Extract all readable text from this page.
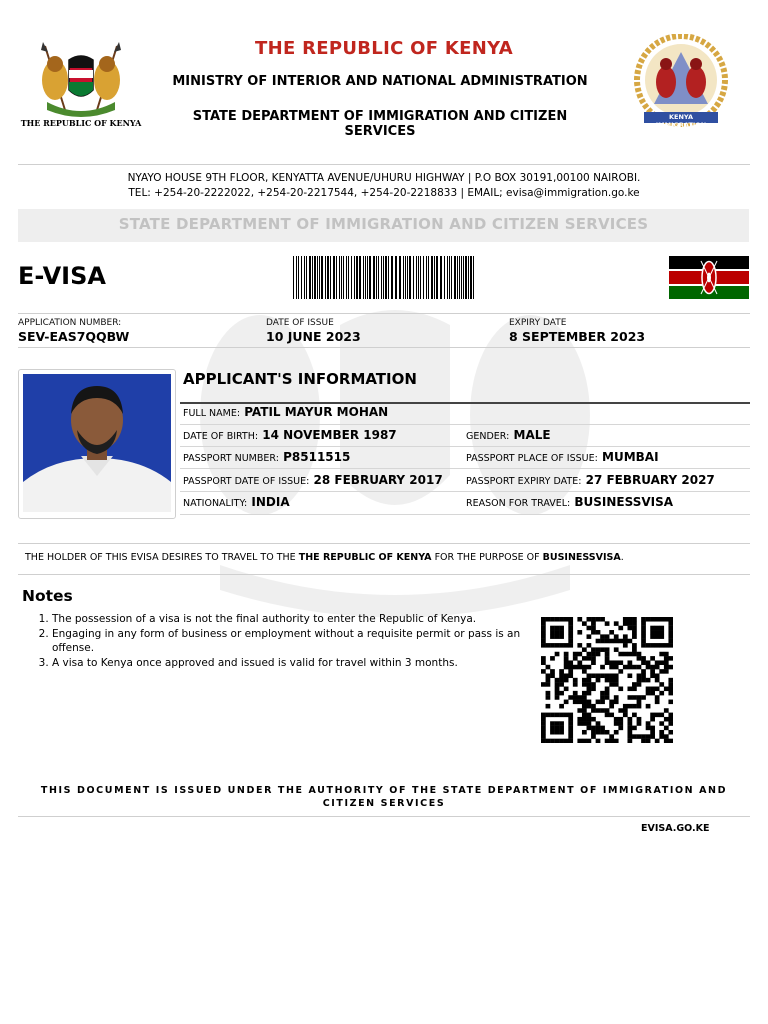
THE REPUBLIC OF KENYA
THE REPUBLIC OF KENYA
MINISTRY OF INTERIOR AND NATIONAL ADMINISTRATION
STATE DEPARTMENT OF IMMIGRATION AND CITIZEN SERVICES
KENYA IMMIGRATION
NYAYO HOUSE 9TH FLOOR, KENYATTA AVENUE/UHURU HIGHWAY | P.O BOX 30191,00100 NAIROBI.
TEL: +254-20-2222022, +254-20-2217544, +254-20-2218833 | EMAIL; evisa@immigration.go.ke
STATE DEPARTMENT OF IMMIGRATION AND CITIZEN SERVICES
E-VISA
APPLICATION NUMBER:
SEV-EAS7QQBW
DATE OF ISSUE
10 JUNE 2023
EXPIRY DATE
8 SEPTEMBER 2023
APPLICANT'S INFORMATION
FULL NAME: PATIL MAYUR MOHAN
DATE OF BIRTH: 14 NOVEMBER 1987	GENDER: MALE
PASSPORT NUMBER: P8511515	PASSPORT PLACE OF ISSUE: MUMBAI
PASSPORT DATE OF ISSUE: 28 FEBRUARY 2017 PASSPORT EXPIRY DATE: 27 FEBRUARY 2027
NATIONALITY: INDIA	REASON FOR TRAVEL: BUSINESSVISA
THE HOLDER OF THIS EVISA DESIRES TO TRAVEL TO THE THE REPUBLIC OF KENYA FOR THE PURPOSE OF BUSINESSVISA.
Notes
1. The possession of a visa is not the final authority to enter the Republic of Kenya.
2. Engaging in any form of business or employment without a requisite permit or pass is an offense.
3. A visa to Kenya once approved and issued is valid for travel within 3 months.
THIS DOCUMENT IS ISSUED UNDER THE AUTHORITY OF THE STATE DEPARTMENT OF IMMIGRATION AND CITIZEN SERVICES
EVISA.GO.KE
